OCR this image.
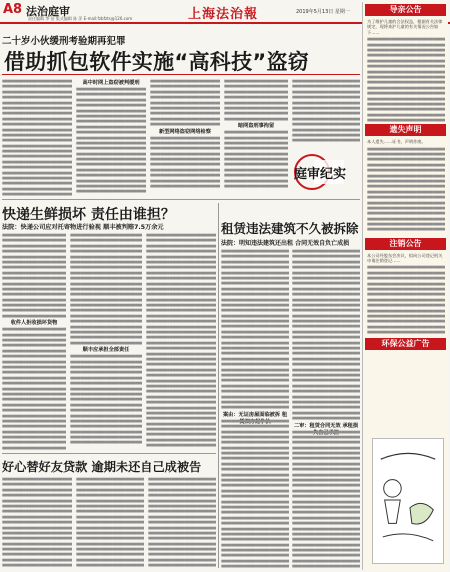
A8 法治庭审
责任编辑 李 蓓 版式编辑 陈 萍 E-mail:fzbfzts@126.com	上海法治報	2019年5月13日 星期一
二十岁小伙缓刑考验期再犯罪
借助抓包软件实施“高科技”盗窃
■■■■■■■■■■■■■■■■■■■■■■■■■■■■■■■■■■■■■■■■■
■■■■■■■■■■■■■■■■■■■■■■■■■■■■■■■■■■■■■■■■■
■■■■■■■■■■■■■■■■■■■■■■■■■■■■■■■■■■■■■■■■■
■■■■■■■■■■■■■■■■■■■■■■■■■■■■■■■■■■■■■■■■■
■■■■■■■■■■■■■■■■■■■■■■■■■■■■■■■■■■■■■■■■■
■■■■■■■■■■■■■■■■■■■■■■■■■■■■■■■■■■■■■■■■■
■■■■■■■■■■■■■■■■■■■■■■■■■■■■■■■■■■■■■■■■■
■■■■■■■■■■■■■■■■■■■■■■■■■■■■■■■■■■■■■■■■■
■■■■■■■■■■■■■■■■■■■■■■■■■■■■■■■■■■■■■■■■■
■■■■■■■■■■■■■■■■■■■■■■■■■■■■■■■■■■■■■■■■■
■■■■■■■■■■■■■■■■■■■■■■■■■■■■■■■■■■■■■■■■■
■■■■■■■■■■■■■■■■■■■■■■■■■■■■■■■■■■■■■■■■■
■■■■■■■■■■■■■■■■■■■■■■■■■■■■■■■■■■■■■■■■■
■■■■■■■■■■■■■■■■■■■■■■■■■■■■■■■■■■■■■■■■■
■■■■■■■■■■■■■■■■■■■■■■■■■■■■■■■■■■■■■■■■■
■■■■■■■■■■■■■■■■■■■■■■■■■■■■■■■■■■■■■■■■■
■■■■■■■■■■■■■■■■■■■■■■■■■■■■■■■■■■■■■■■■■
■■■■■■■■■■■■■■■■■■■■■■■■■■■■■■■■■■■■■■■■■
■■■■■■■■■■■■■■■■■■■■■■■■■■■■■■■■■■■■■■■■■
■■■■■■■■■■■■■■■■■■■■■■■■■■■■■■■■■■■■■■■■■
■■■■■■■■■■■■■■■■■■■■■■■■■■■■■■■■■■■■■■■■■
■■■■■■■■■■■■■■■■■■■■■■■■■■■■■■■■■■■■■■■■■
高中时网上盗窃被判缓刑
■■■■■■■■■■■■■■■■■■■■■■■■■■■■■■■■■■■■■■■■■
■■■■■■■■■■■■■■■■■■■■■■■■■■■■■■■■■■■■■■■■■
■■■■■■■■■■■■■■■■■■■■■■■■■■■■■■■■■■■■■■■■■
■■■■■■■■■■■■■■■■■■■■■■■■■■■■■■■■■■■■■■■■■
■■■■■■■■■■■■■■■■■■■■■■■■■■■■■■■■■■■■■■■■■
■■■■■■■■■■■■■■■■■■■■■■■■■■■■■■■■■■■■■■■■■
■■■■■■■■■■■■■■■■■■■■■■■■■■■■■■■■■■■■■■■■■
■■■■■■■■■■■■■■■■■■■■■■■■■■■■■■■■■■■■■■■■■
■■■■■■■■■■■■■■■■■■■■■■■■■■■■■■■■■■■■■■■■■
■■■■■■■■■■■■■■■■■■■■■■■■■■■■■■■■■■■■■■■■■
■■■■■■■■■■■■■■■■■■■■■■■■■■■■■■■■■■■■■■■■■
■■■■■■■■■■■■■■■■■■■■■■■■■■■■■■■■■■■■■■■■■
■■■■■■■■■■■■■■■■■■■■■■■■■■■■■■■■■■■■■■■■■
■■■■■■■■■■■■■■■■■■■■■■■■■■■■■■■■■■■■■■■■■
■■■■■■■■■■■■■■■■■■■■■■■■■■■■■■■■■■■■■■■■■
■■■■■■■■■■■■■■■■■■■■■■■■■■■■■■■■■■■■■■■■■
■■■■■■■■■■■■■■■■■■■■■■■■■■■■■■■■■■■■■■■■■
■■■■■■■■■■■■■■■■■■■■■■■■■■■■■■■■■■■■■■■■■
■■■■■■■■■■■■■■■■■■■■■■■■■■■■■■■■■■■■■■■■■
■■■■■■■■■■■■■■■■■■■■■■■■■■■■■■■■■■■■■■■■■
■■■■■■■■■■■■■■■■■■■■■■■■■■■■■■■■■■■■■■■■■
■■■■■■■■■■■■■■■■■■■■■■■■■■■■■■■■■■■■■■■■■
■■■■■■■■■■■■■■■■■■■■■■■■■■■■■■■■■■■■■■■■■
■■■■■■■■■■■■■■■■■■■■■■■■■■■■■■■■■■■■■■■■■
■■■■■■■■■■■■■■■■■■■■■■■■■■■■■■■■■■■■■■■■■
■■■■■■■■■■■■■■■■■■■■■■■■■■■■■■■■■■■■■■■■■
■■■■■■■■■■■■■■■■■■■■■■■■■■■■■■■■■■■■■■■■■
■■■■■■■■■■■■■■■■■■■■■■■■■■■■■■■■■■■■■■■■■
■■■■■■■■■■■■■■■■■■■■■■■■■■■■■■■■■■■■■■■■■
新型网络盗窃网络检察
■■■■■■■■■■■■■■■■■■■■■■■■■■■■■■■■■■■■■■■■■
■■■■■■■■■■■■■■■■■■■■■■■■■■■■■■■■■■■■■■■■■
■■■■■■■■■■■■■■■■■■■■■■■■■■■■■■■■■■■■■■■■■
■■■■■■■■■■■■■■■■■■■■■■■■■■■■■■■■■■■■■■■■■
■■■■■■■■■■■■■■■■■■■■■■■■■■■■■■■■■■■■■■■■■
■■■■■■■■■■■■■■■■■■■■■■■■■■■■■■■■■■■■■■■■■
■■■■■■■■■■■■■■■■■■■■■■■■■■■■■■■■■■■■■■■■■
■■■■■■■■■■■■■■■■■■■■■■■■■■■■■■■■■■■■■■■■■
■■■■■■■■■■■■■■■■■■■■■■■■■■■■■■■■■■■■■■■■■
■■■■■■■■■■■■■■■■■■■■■■■■■■■■■■■■■■■■■■■■■
■■■■■■■■■■■■■■■■■■■■■■■■■■■■■■■■■■■■■■■■■
■■■■■■■■■■■■■■■■■■■■■■■■■■■■■■■■■■■■■■■■■
■■■■■■■■■■■■■■■■■■■■■■■■■■■■■■■■■■■■■■■■■
■■■■■■■■■■■■■■■■■■■■■■■■■■■■■■■■■■■■■■■■■
■■■■■■■■■■■■■■■■■■■■■■■■■■■■■■■■■■■■■■■■■
■■■■■■■■■■■■■■■■■■■■■■■■■■■■■■■■■■■■■■■■■
■■■■■■■■■■■■■■■■■■■■■■■■■■■■■■■■■■■■■■■■■
■■■■■■■■■■■■■■■■■■■■■■■■■■■■■■■■■■■■■■■■■
暗网盗刑事拘留
■■■■■■■■■■■■■■■■■■■■■■■■■■■■■■■■■■■■■■■■■
■■■■■■■■■■■■■■■■■■■■■■■■■■■■■■■■■■■■■■■■■
■■■■■■■■■■■■■■■■■■■■■■■■■■■■■■■■■■■■■■■■■
■■■■■■■■■■■■■■■■■■■■■■■■■■■■■■■■■■■■■■■■■
■■■■■■■■■■■■■■■■■■■■■■■■■■■■■■■■■■■■■■■■■
■■■■■■■■■■■■■■■■■■■■■■■■■■■■■■■■■■■■■■■■■
■■■■■■■■■■■■■■■■■■■■■■■■■■■■■■■■■■■■■■■■■
■■■■■■■■■■■■■■■■■■■■■■■■■■■■■■■■■■■■■■■■■
■■■■■■■■■■■■■■■■■■■■■■■■■■■■■■■■■■■■■■■■■
■■■■■■■■■■■■■■■■■■■■■■■■■■■■■■■■■■■■■■■■■
■■■■■■■■■■■■■■■■■■■■■■■■■■■■■■■■■■■■■■■■■
■■■■■■■■■■■■■■■■■■■■■■■■■■■■■■■■■■■■■■■■■
■■■■■■■■■■■■■■■■■■■■■■■■■■■■■■■■■■■■■■■■■
■■■■■■■■■■■■■■■■■■■■■■■■■■■■■■■■■■■■■■■■■
■■■■■■■■■■■■■■■■■■■■■■■■■■■■■■■■■■■■■■■■■
■■■■■■■■■■■■■■■■■■■■■■■■■■■■■■■■■■■■■■■■■
■■■■■■■■■■■■■■■■■■■■■■■■■■■■■■■■■■■■■■■■■
■■■■■■■■■■■■■■■■■■■■■■■■■■■■■■■■■■■■■■■■■
■■■■■■■■■■■■■■■■■■■■■■■■■■■■■■■■■■■■■■■■■
■■■■■■■■■■■■■■■■■■■■■■■■■■■■■■■■■■■■■■■■■
■■■■■■■■■■■■■■■■■■■■■■■■■■■■■■■■■■■■■■■■■
■■■■■■■■■■■■■■■■■■■■■■■■■■■■■■■■■■■■■■■■■
■■■■■■■■■■■■■■■■■■■■■■■■■■■■■■■■■■■■■■■■■
庭审纪实
快递生鲜损坏 责任由谁担？
法院：快递公司应对托寄物进行验视 顺丰被判赔7.5万余元
■■■■■■■■■■■■■■■■■■■■■■■■■■■■■■■■■■■■■■■■■
■■■■■■■■■■■■■■■■■■■■■■■■■■■■■■■■■■■■■■■■■
■■■■■■■■■■■■■■■■■■■■■■■■■■■■■■■■■■■■■■■■■
■■■■■■■■■■■■■■■■■■■■■■■■■■■■■■■■■■■■■■■■■
■■■■■■■■■■■■■■■■■■■■■■■■■■■■■■■■■■■■■■■■■
■■■■■■■■■■■■■■■■■■■■■■■■■■■■■■■■■■■■■■■■■
■■■■■■■■■■■■■■■■■■■■■■■■■■■■■■■■■■■■■■■■■
■■■■■■■■■■■■■■■■■■■■■■■■■■■■■■■■■■■■■■■■■
■■■■■■■■■■■■■■■■■■■■■■■■■■■■■■■■■■■■■■■■■
■■■■■■■■■■■■■■■■■■■■■■■■■■■■■■■■■■■■■■■■■
■■■■■■■■■■■■■■■■■■■■■■■■■■■■■■■■■■■■■■■■■
■■■■■■■■■■■■■■■■■■■■■■■■■■■■■■■■■■■■■■■■■
■■■■■■■■■■■■■■■■■■■■■■■■■■■■■■■■■■■■■■■■■
■■■■■■■■■■■■■■■■■■■■■■■■■■■■■■■■■■■■■■■■■
■■■■■■■■■■■■■■■■■■■■■■■■■■■■■■■■■■■■■■■■■
■■■■■■■■■■■■■■■■■■■■■■■■■■■■■■■■■■■■■■■■■
收件人拒收损坏货物
■■■■■■■■■■■■■■■■■■■■■■■■■■■■■■■■■■■■■■■■■
■■■■■■■■■■■■■■■■■■■■■■■■■■■■■■■■■■■■■■■■■
■■■■■■■■■■■■■■■■■■■■■■■■■■■■■■■■■■■■■■■■■
■■■■■■■■■■■■■■■■■■■■■■■■■■■■■■■■■■■■■■■■■
■■■■■■■■■■■■■■■■■■■■■■■■■■■■■■■■■■■■■■■■■
■■■■■■■■■■■■■■■■■■■■■■■■■■■■■■■■■■■■■■■■■
■■■■■■■■■■■■■■■■■■■■■■■■■■■■■■■■■■■■■■■■■
■■■■■■■■■■■■■■■■■■■■■■■■■■■■■■■■■■■■■■■■■
■■■■■■■■■■■■■■■■■■■■■■■■■■■■■■■■■■■■■■■■■
■■■■■■■■■■■■■■■■■■■■■■■■■■■■■■■■■■■■■■■■■
■■■■■■■■■■■■■■■■■■■■■■■■■■■■■■■■■■■■■■■■■
■■■■■■■■■■■■■■■■■■■■■■■■■■■■■■■■■■■■■■■■■
■■■■■■■■■■■■■■■■■■■■■■■■■■■■■■■■■■■■■■■■■
■■■■■■■■■■■■■■■■■■■■■■■■■■■■■■■■■■■■■■■■■
■■■■■■■■■■■■■■■■■■■■■■■■■■■■■■■■■■■■■■■■■
■■■■■■■■■■■■■■■■■■■■■■■■■■■■■■■■■■■■■■■■■
■■■■■■■■■■■■■■■■■■■■■■■■■■■■■■■■■■■■■■■■■
■■■■■■■■■■■■■■■■■■■■■■■■■■■■■■■■■■■■■■■■■
■■■■■■■■■■■■■■■■■■■■■■■■■■■■■■■■■■■■■■■■■
■■■■■■■■■■■■■■■■■■■■■■■■■■■■■■■■■■■■■■■■■
■■■■■■■■■■■■■■■■■■■■■■■■■■■■■■■■■■■■■■■■■
■■■■■■■■■■■■■■■■■■■■■■■■■■■■■■■■■■■■■■■■■
■■■■■■■■■■■■■■■■■■■■■■■■■■■■■■■■■■■■■■■■■
■■■■■■■■■■■■■■■■■■■■■■■■■■■■■■■■■■■■■■■■■
■■■■■■■■■■■■■■■■■■■■■■■■■■■■■■■■■■■■■■■■■
■■■■■■■■■■■■■■■■■■■■■■■■■■■■■■■■■■■■■■■■■
■■■■■■■■■■■■■■■■■■■■■■■■■■■■■■■■■■■■■■■■■
■■■■■■■■■■■■■■■■■■■■■■■■■■■■■■■■■■■■■■■■■
■■■■■■■■■■■■■■■■■■■■■■■■■■■■■■■■■■■■■■■■■
■■■■■■■■■■■■■■■■■■■■■■■■■■■■■■■■■■■■■■■■■
■■■■■■■■■■■■■■■■■■■■■■■■■■■■■■■■■■■■■■■■■
■■■■■■■■■■■■■■■■■■■■■■■■■■■■■■■■■■■■■■■■■
■■■■■■■■■■■■■■■■■■■■■■■■■■■■■■■■■■■■■■■■■
■■■■■■■■■■■■■■■■■■■■■■■■■■■■■■■■■■■■■■■■■
■■■■■■■■■■■■■■■■■■■■■■■■■■■■■■■■■■■■■■■■■
■■■■■■■■■■■■■■■■■■■■■■■■■■■■■■■■■■■■■■■■■
■■■■■■■■■■■■■■■■■■■■■■■■■■■■■■■■■■■■■■■■■
■■■■■■■■■■■■■■■■■■■■■■■■■■■■■■■■■■■■■■■■■
■■■■■■■■■■■■■■■■■■■■■■■■■■■■■■■■■■■■■■■■■
■■■■■■■■■■■■■■■■■■■■■■■■■■■■■■■■■■■■■■■■■
■■■■■■■■■■■■■■■■■■■■■■■■■■■■■■■■■■■■■■■■■
■■■■■■■■■■■■■■■■■■■■■■■■■■■■■■■■■■■■■■■■■
■■■■■■■■■■■■■■■■■■■■■■■■■■■■■■■■■■■■■■■■■
■■■■■■■■■■■■■■■■■■■■■■■■■■■■■■■■■■■■■■■■■
顺丰应承担全部责任
■■■■■■■■■■■■■■■■■■■■■■■■■■■■■■■■■■■■■■■■■
■■■■■■■■■■■■■■■■■■■■■■■■■■■■■■■■■■■■■■■■■
■■■■■■■■■■■■■■■■■■■■■■■■■■■■■■■■■■■■■■■■■
■■■■■■■■■■■■■■■■■■■■■■■■■■■■■■■■■■■■■■■■■
■■■■■■■■■■■■■■■■■■■■■■■■■■■■■■■■■■■■■■■■■
■■■■■■■■■■■■■■■■■■■■■■■■■■■■■■■■■■■■■■■■■
■■■■■■■■■■■■■■■■■■■■■■■■■■■■■■■■■■■■■■■■■
■■■■■■■■■■■■■■■■■■■■■■■■■■■■■■■■■■■■■■■■■
■■■■■■■■■■■■■■■■■■■■■■■■■■■■■■■■■■■■■■■■■
■■■■■■■■■■■■■■■■■■■■■■■■■■■■■■■■■■■■■■■■■
■■■■■■■■■■■■■■■■■■■■■■■■■■■■■■■■■■■■■■■■■
■■■■■■■■■■■■■■■■■■■■■■■■■■■■■■■■■■■■■■■■■
■■■■■■■■■■■■■■■■■■■■■■■■■■■■■■■■■■■■■■■■■
■■■■■■■■■■■■■■■■■■■■■■■■■■■■■■■■■■■■■■■■■
■■■■■■■■■■■■■■■■■■■■■■■■■■■■■■■■■■■■■■■■■
■■■■■■■■■■■■■■■■■■■■■■■■■■■■■■■■■■■■■■■■■
■■■■■■■■■■■■■■■■■■■■■■■■■■■■■■■■■■■■■■■■■
■■■■■■■■■■■■■■■■■■■■■■■■■■■■■■■■■■■■■■■■■
■■■■■■■■■■■■■■■■■■■■■■■■■■■■■■■■■■■■■■■■■
■■■■■■■■■■■■■■■■■■■■■■■■■■■■■■■■■■■■■■■■■
■■■■■■■■■■■■■■■■■■■■■■■■■■■■■■■■■■■■■■■■■
■■■■■■■■■■■■■■■■■■■■■■■■■■■■■■■■■■■■■■■■■
■■■■■■■■■■■■■■■■■■■■■■■■■■■■■■■■■■■■■■■■■
■■■■■■■■■■■■■■■■■■■■■■■■■■■■■■■■■■■■■■■■■
■■■■■■■■■■■■■■■■■■■■■■■■■■■■■■■■■■■■■■■■■
■■■■■■■■■■■■■■■■■■■■■■■■■■■■■■■■■■■■■■■■■
■■■■■■■■■■■■■■■■■■■■■■■■■■■■■■■■■■■■■■■■■
■■■■■■■■■■■■■■■■■■■■■■■■■■■■■■■■■■■■■■■■■
■■■■■■■■■■■■■■■■■■■■■■■■■■■■■■■■■■■■■■■■■
■■■■■■■■■■■■■■■■■■■■■■■■■■■■■■■■■■■■■■■■■
■■■■■■■■■■■■■■■■■■■■■■■■■■■■■■■■■■■■■■■■■
■■■■■■■■■■■■■■■■■■■■■■■■■■■■■■■■■■■■■■■■■
■■■■■■■■■■■■■■■■■■■■■■■■■■■■■■■■■■■■■■■■■
■■■■■■■■■■■■■■■■■■■■■■■■■■■■■■■■■■■■■■■■■
■■■■■■■■■■■■■■■■■■■■■■■■■■■■■■■■■■■■■■■■■
■■■■■■■■■■■■■■■■■■■■■■■■■■■■■■■■■■■■■■■■■
■■■■■■■■■■■■■■■■■■■■■■■■■■■■■■■■■■■■■■■■■
■■■■■■■■■■■■■■■■■■■■■■■■■■■■■■■■■■■■■■■■■
■■■■■■■■■■■■■■■■■■■■■■■■■■■■■■■■■■■■■■■■■
■■■■■■■■■■■■■■■■■■■■■■■■■■■■■■■■■■■■■■■■■
■■■■■■■■■■■■■■■■■■■■■■■■■■■■■■■■■■■■■■■■■
■■■■■■■■■■■■■■■■■■■■■■■■■■■■■■■■■■■■■■■■■
■■■■■■■■■■■■■■■■■■■■■■■■■■■■■■■■■■■■■■■■■
■■■■■■■■■■■■■■■■■■■■■■■■■■■■■■■■■■■■■■■■■
■■■■■■■■■■■■■■■■■■■■■■■■■■■■■■■■■■■■■■■■■
■■■■■■■■■■■■■■■■■■■■■■■■■■■■■■■■■■■■■■■■■
■■■■■■■■■■■■■■■■■■■■■■■■■■■■■■■■■■■■■■■■■
■■■■■■■■■■■■■■■■■■■■■■■■■■■■■■■■■■■■■■■■■
■■■■■■■■■■■■■■■■■■■■■■■■■■■■■■■■■■■■■■■■■
■■■■■■■■■■■■■■■■■■■■■■■■■■■■■■■■■■■■■■■■■
■■■■■■■■■■■■■■■■■■■■■■■■■■■■■■■■■■■■■■■■■
■■■■■■■■■■■■■■■■■■■■■■■■■■■■■■■■■■■■■■■■■
■■■■■■■■■■■■■■■■■■■■■■■■■■■■■■■■■■■■■■■■■
■■■■■■■■■■■■■■■■■■■■■■■■■■■■■■■■■■■■■■■■■
■■■■■■■■■■■■■■■■■■■■■■■■■■■■■■■■■■■■■■■■■
■■■■■■■■■■■■■■■■■■■■■■■■■■■■■■■■■■■■■■■■■
■■■■■■■■■■■■■■■■■■■■■■■■■■■■■■■■■■■■■■■■■
租赁违法建筑不久被拆除
法院：明知违法建筑还出租 合同无效自负亡成损
■■■■■■■■■■■■■■■■■■■■■■■■■■■■■■■■■■■■■■■■■
■■■■■■■■■■■■■■■■■■■■■■■■■■■■■■■■■■■■■■■■■
■■■■■■■■■■■■■■■■■■■■■■■■■■■■■■■■■■■■■■■■■
■■■■■■■■■■■■■■■■■■■■■■■■■■■■■■■■■■■■■■■■■
■■■■■■■■■■■■■■■■■■■■■■■■■■■■■■■■■■■■■■■■■
■■■■■■■■■■■■■■■■■■■■■■■■■■■■■■■■■■■■■■■■■
■■■■■■■■■■■■■■■■■■■■■■■■■■■■■■■■■■■■■■■■■
■■■■■■■■■■■■■■■■■■■■■■■■■■■■■■■■■■■■■■■■■
■■■■■■■■■■■■■■■■■■■■■■■■■■■■■■■■■■■■■■■■■
■■■■■■■■■■■■■■■■■■■■■■■■■■■■■■■■■■■■■■■■■
■■■■■■■■■■■■■■■■■■■■■■■■■■■■■■■■■■■■■■■■■
■■■■■■■■■■■■■■■■■■■■■■■■■■■■■■■■■■■■■■■■■
■■■■■■■■■■■■■■■■■■■■■■■■■■■■■■■■■■■■■■■■■
■■■■■■■■■■■■■■■■■■■■■■■■■■■■■■■■■■■■■■■■■
■■■■■■■■■■■■■■■■■■■■■■■■■■■■■■■■■■■■■■■■■
■■■■■■■■■■■■■■■■■■■■■■■■■■■■■■■■■■■■■■■■■
■■■■■■■■■■■■■■■■■■■■■■■■■■■■■■■■■■■■■■■■■
■■■■■■■■■■■■■■■■■■■■■■■■■■■■■■■■■■■■■■■■■
■■■■■■■■■■■■■■■■■■■■■■■■■■■■■■■■■■■■■■■■■
■■■■■■■■■■■■■■■■■■■■■■■■■■■■■■■■■■■■■■■■■
■■■■■■■■■■■■■■■■■■■■■■■■■■■■■■■■■■■■■■■■■
■■■■■■■■■■■■■■■■■■■■■■■■■■■■■■■■■■■■■■■■■
■■■■■■■■■■■■■■■■■■■■■■■■■■■■■■■■■■■■■■■■■
■■■■■■■■■■■■■■■■■■■■■■■■■■■■■■■■■■■■■■■■■
■■■■■■■■■■■■■■■■■■■■■■■■■■■■■■■■■■■■■■■■■
■■■■■■■■■■■■■■■■■■■■■■■■■■■■■■■■■■■■■■■■■
■■■■■■■■■■■■■■■■■■■■■■■■■■■■■■■■■■■■■■■■■
■■■■■■■■■■■■■■■■■■■■■■■■■■■■■■■■■■■■■■■■■
■■■■■■■■■■■■■■■■■■■■■■■■■■■■■■■■■■■■■■■■■
■■■■■■■■■■■■■■■■■■■■■■■■■■■■■■■■■■■■■■■■■
案由：无证房屋面临被拆 租赁双方起争执
■■■■■■■■■■■■■■■■■■■■■■■■■■■■■■■■■■■■■■■■■
■■■■■■■■■■■■■■■■■■■■■■■■■■■■■■■■■■■■■■■■■
■■■■■■■■■■■■■■■■■■■■■■■■■■■■■■■■■■■■■■■■■
■■■■■■■■■■■■■■■■■■■■■■■■■■■■■■■■■■■■■■■■■
■■■■■■■■■■■■■■■■■■■■■■■■■■■■■■■■■■■■■■■■■
■■■■■■■■■■■■■■■■■■■■■■■■■■■■■■■■■■■■■■■■■
■■■■■■■■■■■■■■■■■■■■■■■■■■■■■■■■■■■■■■■■■
■■■■■■■■■■■■■■■■■■■■■■■■■■■■■■■■■■■■■■■■■
■■■■■■■■■■■■■■■■■■■■■■■■■■■■■■■■■■■■■■■■■
■■■■■■■■■■■■■■■■■■■■■■■■■■■■■■■■■■■■■■■■■
■■■■■■■■■■■■■■■■■■■■■■■■■■■■■■■■■■■■■■■■■
■■■■■■■■■■■■■■■■■■■■■■■■■■■■■■■■■■■■■■■■■
■■■■■■■■■■■■■■■■■■■■■■■■■■■■■■■■■■■■■■■■■
■■■■■■■■■■■■■■■■■■■■■■■■■■■■■■■■■■■■■■■■■
■■■■■■■■■■■■■■■■■■■■■■■■■■■■■■■■■■■■■■■■■
■■■■■■■■■■■■■■■■■■■■■■■■■■■■■■■■■■■■■■■■■
■■■■■■■■■■■■■■■■■■■■■■■■■■■■■■■■■■■■■■■■■
■■■■■■■■■■■■■■■■■■■■■■■■■■■■■■■■■■■■■■■■■
■■■■■■■■■■■■■■■■■■■■■■■■■■■■■■■■■■■■■■■■■
■■■■■■■■■■■■■■■■■■■■■■■■■■■■■■■■■■■■■■■■■
■■■■■■■■■■■■■■■■■■■■■■■■■■■■■■■■■■■■■■■■■
■■■■■■■■■■■■■■■■■■■■■■■■■■■■■■■■■■■■■■■■■
■■■■■■■■■■■■■■■■■■■■■■■■■■■■■■■■■■■■■■■■■
■■■■■■■■■■■■■■■■■■■■■■■■■■■■■■■■■■■■■■■■■
■■■■■■■■■■■■■■■■■■■■■■■■■■■■■■■■■■■■■■■■■
■■■■■■■■■■■■■■■■■■■■■■■■■■■■■■■■■■■■■■■■■
■■■■■■■■■■■■■■■■■■■■■■■■■■■■■■■■■■■■■■■■■
■■■■■■■■■■■■■■■■■■■■■■■■■■■■■■■■■■■■■■■■■
■■■■■■■■■■■■■■■■■■■■■■■■■■■■■■■■■■■■■■■■■
■■■■■■■■■■■■■■■■■■■■■■■■■■■■■■■■■■■■■■■■■
■■■■■■■■■■■■■■■■■■■■■■■■■■■■■■■■■■■■■■■■■
■■■■■■■■■■■■■■■■■■■■■■■■■■■■■■■■■■■■■■■■■
■■■■■■■■■■■■■■■■■■■■■■■■■■■■■■■■■■■■■■■■■
■■■■■■■■■■■■■■■■■■■■■■■■■■■■■■■■■■■■■■■■■
■■■■■■■■■■■■■■■■■■■■■■■■■■■■■■■■■■■■■■■■■
■■■■■■■■■■■■■■■■■■■■■■■■■■■■■■■■■■■■■■■■■
■■■■■■■■■■■■■■■■■■■■■■■■■■■■■■■■■■■■■■■■■
■■■■■■■■■■■■■■■■■■■■■■■■■■■■■■■■■■■■■■■■■
■■■■■■■■■■■■■■■■■■■■■■■■■■■■■■■■■■■■■■■■■
■■■■■■■■■■■■■■■■■■■■■■■■■■■■■■■■■■■■■■■■■
■■■■■■■■■■■■■■■■■■■■■■■■■■■■■■■■■■■■■■■■■
■■■■■■■■■■■■■■■■■■■■■■■■■■■■■■■■■■■■■■■■■
■■■■■■■■■■■■■■■■■■■■■■■■■■■■■■■■■■■■■■■■■
■■■■■■■■■■■■■■■■■■■■■■■■■■■■■■■■■■■■■■■■■
■■■■■■■■■■■■■■■■■■■■■■■■■■■■■■■■■■■■■■■■■
■■■■■■■■■■■■■■■■■■■■■■■■■■■■■■■■■■■■■■■■■
■■■■■■■■■■■■■■■■■■■■■■■■■■■■■■■■■■■■■■■■■
■■■■■■■■■■■■■■■■■■■■■■■■■■■■■■■■■■■■■■■■■
■■■■■■■■■■■■■■■■■■■■■■■■■■■■■■■■■■■■■■■■■
■■■■■■■■■■■■■■■■■■■■■■■■■■■■■■■■■■■■■■■■■
■■■■■■■■■■■■■■■■■■■■■■■■■■■■■■■■■■■■■■■■■
■■■■■■■■■■■■■■■■■■■■■■■■■■■■■■■■■■■■■■■■■
■■■■■■■■■■■■■■■■■■■■■■■■■■■■■■■■■■■■■■■■■
■■■■■■■■■■■■■■■■■■■■■■■■■■■■■■■■■■■■■■■■■
■■■■■■■■■■■■■■■■■■■■■■■■■■■■■■■■■■■■■■■■■
■■■■■■■■■■■■■■■■■■■■■■■■■■■■■■■■■■■■■■■■■
■■■■■■■■■■■■■■■■■■■■■■■■■■■■■■■■■■■■■■■■■
■■■■■■■■■■■■■■■■■■■■■■■■■■■■■■■■■■■■■■■■■
■■■■■■■■■■■■■■■■■■■■■■■■■■■■■■■■■■■■■■■■■
■■■■■■■■■■■■■■■■■■■■■■■■■■■■■■■■■■■■■■■■■
二审：租赁合同无效 承租损失自己承担
■■■■■■■■■■■■■■■■■■■■■■■■■■■■■■■■■■■■■■■■■
■■■■■■■■■■■■■■■■■■■■■■■■■■■■■■■■■■■■■■■■■
■■■■■■■■■■■■■■■■■■■■■■■■■■■■■■■■■■■■■■■■■
■■■■■■■■■■■■■■■■■■■■■■■■■■■■■■■■■■■■■■■■■
■■■■■■■■■■■■■■■■■■■■■■■■■■■■■■■■■■■■■■■■■
■■■■■■■■■■■■■■■■■■■■■■■■■■■■■■■■■■■■■■■■■
■■■■■■■■■■■■■■■■■■■■■■■■■■■■■■■■■■■■■■■■■
■■■■■■■■■■■■■■■■■■■■■■■■■■■■■■■■■■■■■■■■■
■■■■■■■■■■■■■■■■■■■■■■■■■■■■■■■■■■■■■■■■■
■■■■■■■■■■■■■■■■■■■■■■■■■■■■■■■■■■■■■■■■■
■■■■■■■■■■■■■■■■■■■■■■■■■■■■■■■■■■■■■■■■■
■■■■■■■■■■■■■■■■■■■■■■■■■■■■■■■■■■■■■■■■■
■■■■■■■■■■■■■■■■■■■■■■■■■■■■■■■■■■■■■■■■■
■■■■■■■■■■■■■■■■■■■■■■■■■■■■■■■■■■■■■■■■■
■■■■■■■■■■■■■■■■■■■■■■■■■■■■■■■■■■■■■■■■■
■■■■■■■■■■■■■■■■■■■■■■■■■■■■■■■■■■■■■■■■■
■■■■■■■■■■■■■■■■■■■■■■■■■■■■■■■■■■■■■■■■■
■■■■■■■■■■■■■■■■■■■■■■■■■■■■■■■■■■■■■■■■■
■■■■■■■■■■■■■■■■■■■■■■■■■■■■■■■■■■■■■■■■■
■■■■■■■■■■■■■■■■■■■■■■■■■■■■■■■■■■■■■■■■■
■■■■■■■■■■■■■■■■■■■■■■■■■■■■■■■■■■■■■■■■■
■■■■■■■■■■■■■■■■■■■■■■■■■■■■■■■■■■■■■■■■■
■■■■■■■■■■■■■■■■■■■■■■■■■■■■■■■■■■■■■■■■■
■■■■■■■■■■■■■■■■■■■■■■■■■■■■■■■■■■■■■■■■■
■■■■■■■■■■■■■■■■■■■■■■■■■■■■■■■■■■■■■■■■■
■■■■■■■■■■■■■■■■■■■■■■■■■■■■■■■■■■■■■■■■■
好心替好友贷款 逾期未还自己成被告
■■■■■■■■■■■■■■■■■■■■■■■■■■■■■■■■■■■■■■■■■
■■■■■■■■■■■■■■■■■■■■■■■■■■■■■■■■■■■■■■■■■
■■■■■■■■■■■■■■■■■■■■■■■■■■■■■■■■■■■■■■■■■
■■■■■■■■■■■■■■■■■■■■■■■■■■■■■■■■■■■■■■■■■
■■■■■■■■■■■■■■■■■■■■■■■■■■■■■■■■■■■■■■■■■
■■■■■■■■■■■■■■■■■■■■■■■■■■■■■■■■■■■■■■■■■
■■■■■■■■■■■■■■■■■■■■■■■■■■■■■■■■■■■■■■■■■
■■■■■■■■■■■■■■■■■■■■■■■■■■■■■■■■■■■■■■■■■
■■■■■■■■■■■■■■■■■■■■■■■■■■■■■■■■■■■■■■■■■
■■■■■■■■■■■■■■■■■■■■■■■■■■■■■■■■■■■■■■■■■
■■■■■■■■■■■■■■■■■■■■■■■■■■■■■■■■■■■■■■■■■
■■■■■■■■■■■■■■■■■■■■■■■■■■■■■■■■■■■■■■■■■
■■■■■■■■■■■■■■■■■■■■■■■■■■■■■■■■■■■■■■■■■
■■■■■■■■■■■■■■■■■■■■■■■■■■■■■■■■■■■■■■■■■
■■■■■■■■■■■■■■■■■■■■■■■■■■■■■■■■■■■■■■■■■
■■■■■■■■■■■■■■■■■■■■■■■■■■■■■■■■■■■■■■■■■
■■■■■■■■■■■■■■■■■■■■■■■■■■■■■■■■■■■■■■■■■
■■■■■■■■■■■■■■■■■■■■■■■■■■■■■■■■■■■■■■■■■
■■■■■■■■■■■■■■■■■■■■■■■■■■■■■■■■■■■■■■■■■
■■■■■■■■■■■■■■■■■■■■■■■■■■■■■■■■■■■■■■■■■
■■■■■■■■■■■■■■■■■■■■■■■■■■■■■■■■■■■■■■■■■
■■■■■■■■■■■■■■■■■■■■■■■■■■■■■■■■■■■■■■■■■
■■■■■■■■■■■■■■■■■■■■■■■■■■■■■■■■■■■■■■■■■
■■■■■■■■■■■■■■■■■■■■■■■■■■■■■■■■■■■■■■■■■
■■■■■■■■■■■■■■■■■■■■■■■■■■■■■■■■■■■■■■■■■
■■■■■■■■■■■■■■■■■■■■■■■■■■■■■■■■■■■■■■■■■
■■■■■■■■■■■■■■■■■■■■■■■■■■■■■■■■■■■■■■■■■
■■■■■■■■■■■■■■■■■■■■■■■■■■■■■■■■■■■■■■■■■
■■■■■■■■■■■■■■■■■■■■■■■■■■■■■■■■■■■■■■■■■
■■■■■■■■■■■■■■■■■■■■■■■■■■■■■■■■■■■■■■■■■
■■■■■■■■■■■■■■■■■■■■■■■■■■■■■■■■■■■■■■■■■
■■■■■■■■■■■■■■■■■■■■■■■■■■■■■■■■■■■■■■■■■
■■■■■■■■■■■■■■■■■■■■■■■■■■■■■■■■■■■■■■■■■
■■■■■■■■■■■■■■■■■■■■■■■■■■■■■■■■■■■■■■■■■
■■■■■■■■■■■■■■■■■■■■■■■■■■■■■■■■■■■■■■■■■
■■■■■■■■■■■■■■■■■■■■■■■■■■■■■■■■■■■■■■■■■
■■■■■■■■■■■■■■■■■■■■■■■■■■■■■■■■■■■■■■■■■
■■■■■■■■■■■■■■■■■■■■■■■■■■■■■■■■■■■■■■■■■
■■■■■■■■■■■■■■■■■■■■■■■■■■■■■■■■■■■■■■■■■
■■■■■■■■■■■■■■■■■■■■■■■■■■■■■■■■■■■■■■■■■
■■■■■■■■■■■■■■■■■■■■■■■■■■■■■■■■■■■■■■■■■
■■■■■■■■■■■■■■■■■■■■■■■■■■■■■■■■■■■■■■■■■
■■■■■■■■■■■■■■■■■■■■■■■■■■■■■■■■■■■■■■■■■
■■■■■■■■■■■■■■■■■■■■■■■■■■■■■■■■■■■■■■■■■
■■■■■■■■■■■■■■■■■■■■■■■■■■■■■■■■■■■■■■■■■
■■■■■■■■■■■■■■■■■■■■■■■■■■■■■■■■■■■■■■■■■
■■■■■■■■■■■■■■■■■■■■■■■■■■■■■■■■■■■■■■■■■
■■■■■■■■■■■■■■■■■■■■■■■■■■■■■■■■■■■■■■■■■
■■■■■■■■■■■■■■■■■■■■■■■■■■■■■■■■■■■■■■■■■
■■■■■■■■■■■■■■■■■■■■■■■■■■■■■■■■■■■■■■■■■
■■■■■■■■■■■■■■■■■■■■■■■■■■■■■■■■■■■■■■■■■
导亲公告
为了维护儿童的合法权益，根据有关法律规定，现将来沪儿童的有关情况公告如下……
■■■■■■■■■■■■■■■■■■■■■■■■■■■■■■■■■■■■■■■■■
■■■■■■■■■■■■■■■■■■■■■■■■■■■■■■■■■■■■■■■■■
■■■■■■■■■■■■■■■■■■■■■■■■■■■■■■■■■■■■■■■■■
■■■■■■■■■■■■■■■■■■■■■■■■■■■■■■■■■■■■■■■■■
■■■■■■■■■■■■■■■■■■■■■■■■■■■■■■■■■■■■■■■■■
■■■■■■■■■■■■■■■■■■■■■■■■■■■■■■■■■■■■■■■■■
■■■■■■■■■■■■■■■■■■■■■■■■■■■■■■■■■■■■■■■■■
■■■■■■■■■■■■■■■■■■■■■■■■■■■■■■■■■■■■■■■■■
■■■■■■■■■■■■■■■■■■■■■■■■■■■■■■■■■■■■■■■■■
■■■■■■■■■■■■■■■■■■■■■■■■■■■■■■■■■■■■■■■■■
■■■■■■■■■■■■■■■■■■■■■■■■■■■■■■■■■■■■■■■■■
■■■■■■■■■■■■■■■■■■■■■■■■■■■■■■■■■■■■■■■■■
■■■■■■■■■■■■■■■■■■■■■■■■■■■■■■■■■■■■■■■■■
■■■■■■■■■■■■■■■■■■■■■■■■■■■■■■■■■■■■■■■■■
■■■■■■■■■■■■■■■■■■■■■■■■■■■■■■■■■■■■■■■■■
■■■■■■■■■■■■■■■■■■■■■■■■■■■■■■■■■■■■■■■■■
遗失声明
本人遗失……证书，声明作废。
■■■■■■■■■■■■■■■■■■■■■■■■■■■■■■■■■■■■■■■■■
■■■■■■■■■■■■■■■■■■■■■■■■■■■■■■■■■■■■■■■■■
■■■■■■■■■■■■■■■■■■■■■■■■■■■■■■■■■■■■■■■■■
■■■■■■■■■■■■■■■■■■■■■■■■■■■■■■■■■■■■■■■■■
■■■■■■■■■■■■■■■■■■■■■■■■■■■■■■■■■■■■■■■■■
■■■■■■■■■■■■■■■■■■■■■■■■■■■■■■■■■■■■■■■■■
■■■■■■■■■■■■■■■■■■■■■■■■■■■■■■■■■■■■■■■■■
■■■■■■■■■■■■■■■■■■■■■■■■■■■■■■■■■■■■■■■■■
■■■■■■■■■■■■■■■■■■■■■■■■■■■■■■■■■■■■■■■■■
■■■■■■■■■■■■■■■■■■■■■■■■■■■■■■■■■■■■■■■■■
■■■■■■■■■■■■■■■■■■■■■■■■■■■■■■■■■■■■■■■■■
■■■■■■■■■■■■■■■■■■■■■■■■■■■■■■■■■■■■■■■■■
■■■■■■■■■■■■■■■■■■■■■■■■■■■■■■■■■■■■■■■■■
■■■■■■■■■■■■■■■■■■■■■■■■■■■■■■■■■■■■■■■■■
■■■■■■■■■■■■■■■■■■■■■■■■■■■■■■■■■■■■■■■■■
■■■■■■■■■■■■■■■■■■■■■■■■■■■■■■■■■■■■■■■■■
注销公告
本公司经股东会决议，拟向公司登记机关申请注销登记……
■■■■■■■■■■■■■■■■■■■■■■■■■■■■■■■■■■■■■■■■■
■■■■■■■■■■■■■■■■■■■■■■■■■■■■■■■■■■■■■■■■■
■■■■■■■■■■■■■■■■■■■■■■■■■■■■■■■■■■■■■■■■■
■■■■■■■■■■■■■■■■■■■■■■■■■■■■■■■■■■■■■■■■■
■■■■■■■■■■■■■■■■■■■■■■■■■■■■■■■■■■■■■■■■■
■■■■■■■■■■■■■■■■■■■■■■■■■■■■■■■■■■■■■■■■■
■■■■■■■■■■■■■■■■■■■■■■■■■■■■■■■■■■■■■■■■■
■■■■■■■■■■■■■■■■■■■■■■■■■■■■■■■■■■■■■■■■■
■■■■■■■■■■■■■■■■■■■■■■■■■■■■■■■■■■■■■■■■■
■■■■■■■■■■■■■■■■■■■■■■■■■■■■■■■■■■■■■■■■■
■■■■■■■■■■■■■■■■■■■■■■■■■■■■■■■■■■■■■■■■■
■■■■■■■■■■■■■■■■■■■■■■■■■■■■■■■■■■■■■■■■■
■■■■■■■■■■■■■■■■■■■■■■■■■■■■■■■■■■■■■■■■■
环保公益广告
